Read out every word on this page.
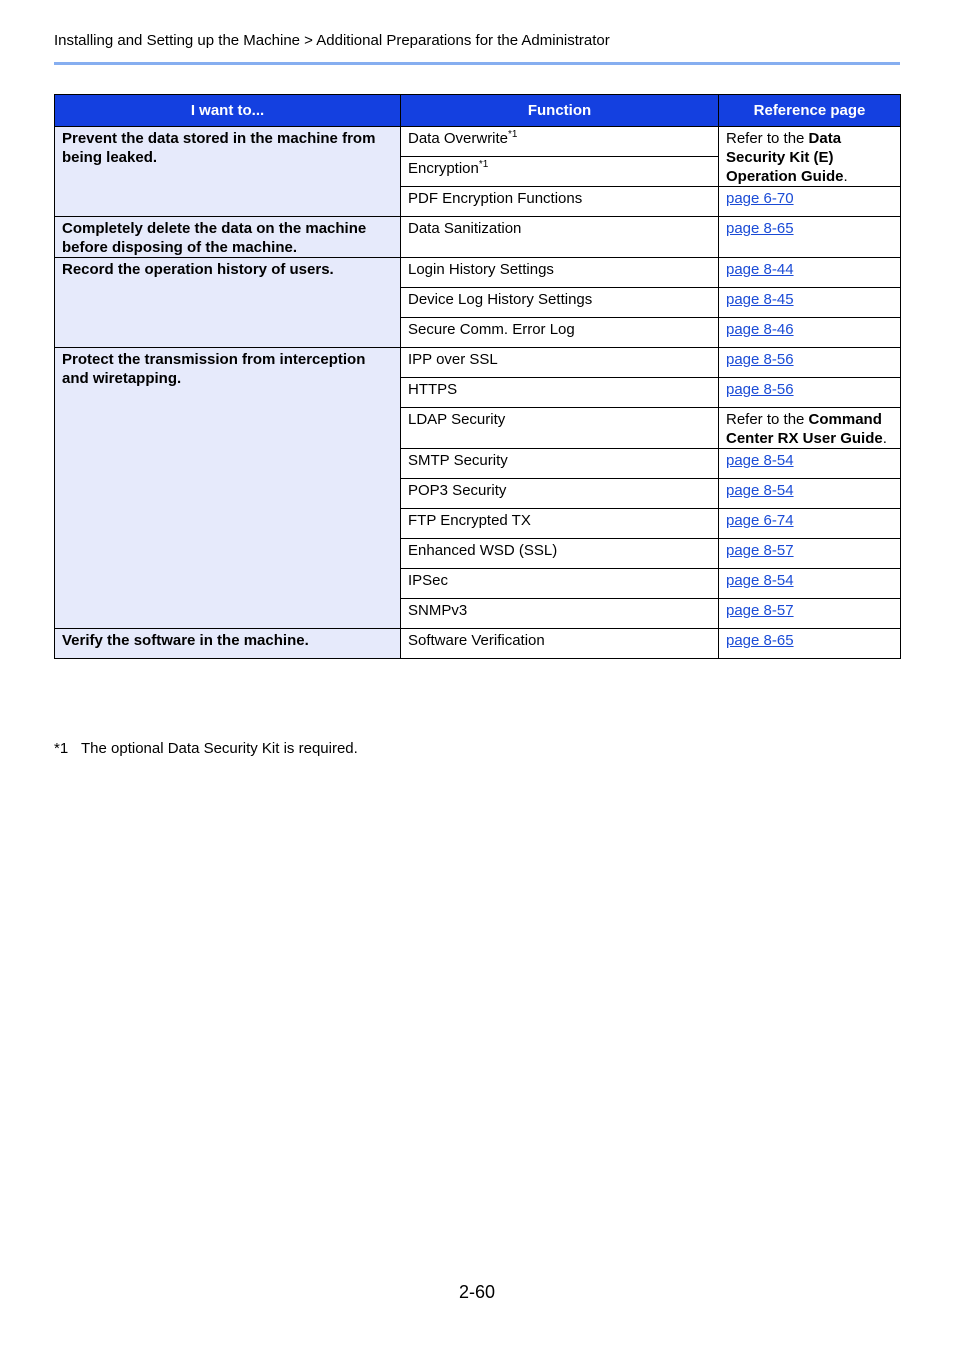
Installing and Setting up the Machine > Additional Preparations for the Administrator
I want to...	Function	Reference page
Prevent the data stored in the machine from being leaked.	Data Overwrite$^{*1}$	Refer to the Data Security Kit (E) Operation Guide.
	Encryption$^{*1}$
	PDF Encryption Functions	page 6-70
Completely delete the data on the machine before disposing of the machine.	Data Sanitization	page 8-65
Record the operation history of users.	Login History Settings	page 8-44
	Device Log History Settings	page 8-45
	Secure Comm. Error Log	page 8-46
Protect the transmission from interception and wiretapping.	IPP over SSL	page 8-56
	HTTPS	page 8-56
	LDAP Security	Refer to the Command Center RX User Guide.
	SMTP Security	page 8-54
	POP3 Security	page 8-54
	FTP Encrypted TX	page 6-74
	Enhanced WSD (SSL)	page 8-57
	IPSec	page 8-54
	SNMPv3	page 8-57
Verify the software in the machine.	Software Verification	page 8-65
*1 The optional Data Security Kit is required.
2-60
